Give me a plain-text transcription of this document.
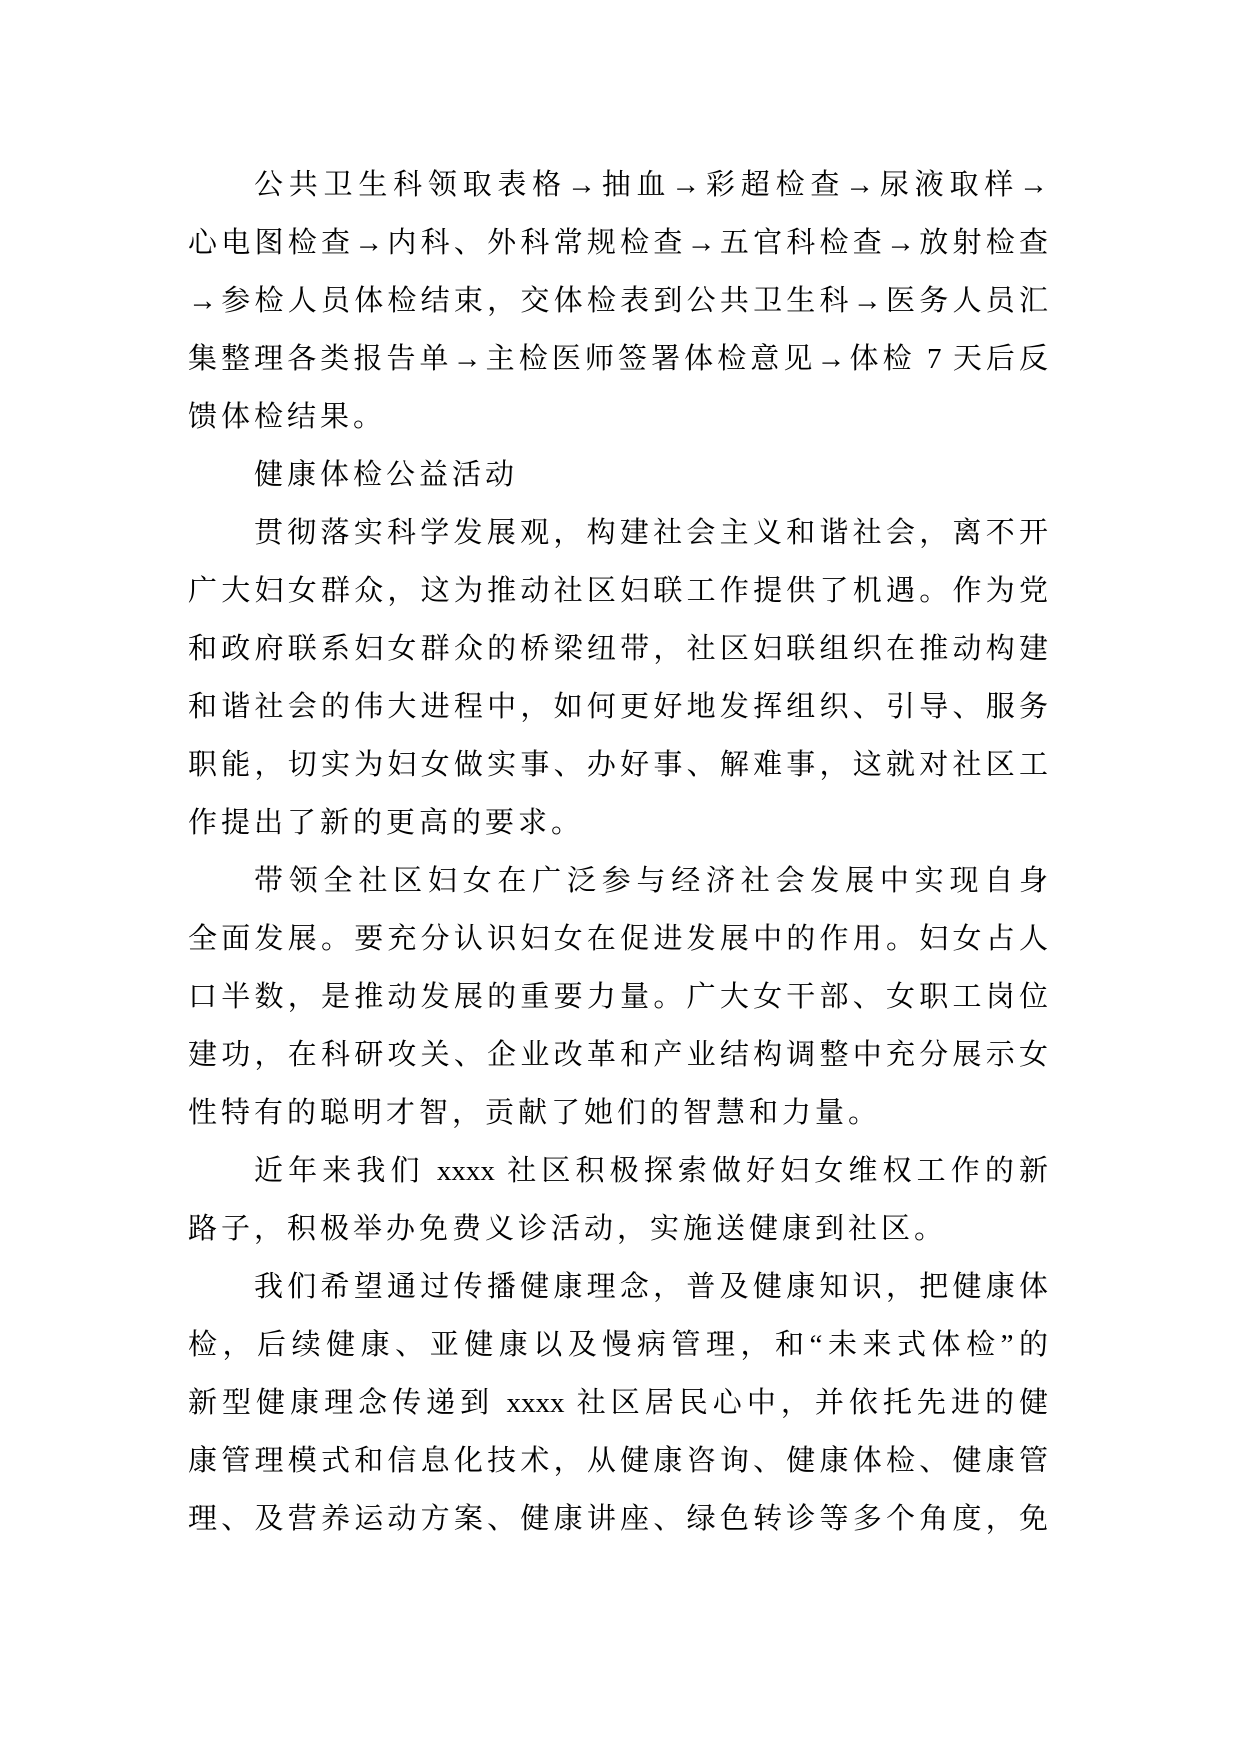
公共卫生科领取表格→抽血→彩超检查→尿液取样→
心电图检查→内科、外科常规检查→五官科检查→放射检查
→参检人员体检结束，交体检表到公共卫生科→医务人员汇
集整理各类报告单→主检医师签署体检意见→体检 7 天后反
馈体检结果。
健康体检公益活动
贯彻落实科学发展观，构建社会主义和谐社会，离不开
广大妇女群众，这为推动社区妇联工作提供了机遇。作为党
和政府联系妇女群众的桥梁纽带，社区妇联组织在推动构建
和谐社会的伟大进程中，如何更好地发挥组织、引导、服务
职能，切实为妇女做实事、办好事、解难事，这就对社区工
作提出了新的更高的要求。
带领全社区妇女在广泛参与经济社会发展中实现自身
全面发展。要充分认识妇女在促进发展中的作用。妇女占人
口半数，是推动发展的重要力量。广大女干部、女职工岗位
建功，在科研攻关、企业改革和产业结构调整中充分展示女
性特有的聪明才智，贡献了她们的智慧和力量。
近年来我们 xxxx 社区积极探索做好妇女维权工作的新
路子，积极举办免费义诊活动，实施送健康到社区。
我们希望通过传播健康理念，普及健康知识，把健康体
检，后续健康、亚健康以及慢病管理，和“未来式体检”的
新型健康理念传递到 xxxx 社区居民心中，并依托先进的健
康管理模式和信息化技术，从健康咨询、健康体检、健康管
理、及营养运动方案、健康讲座、绿色转诊等多个角度，免
